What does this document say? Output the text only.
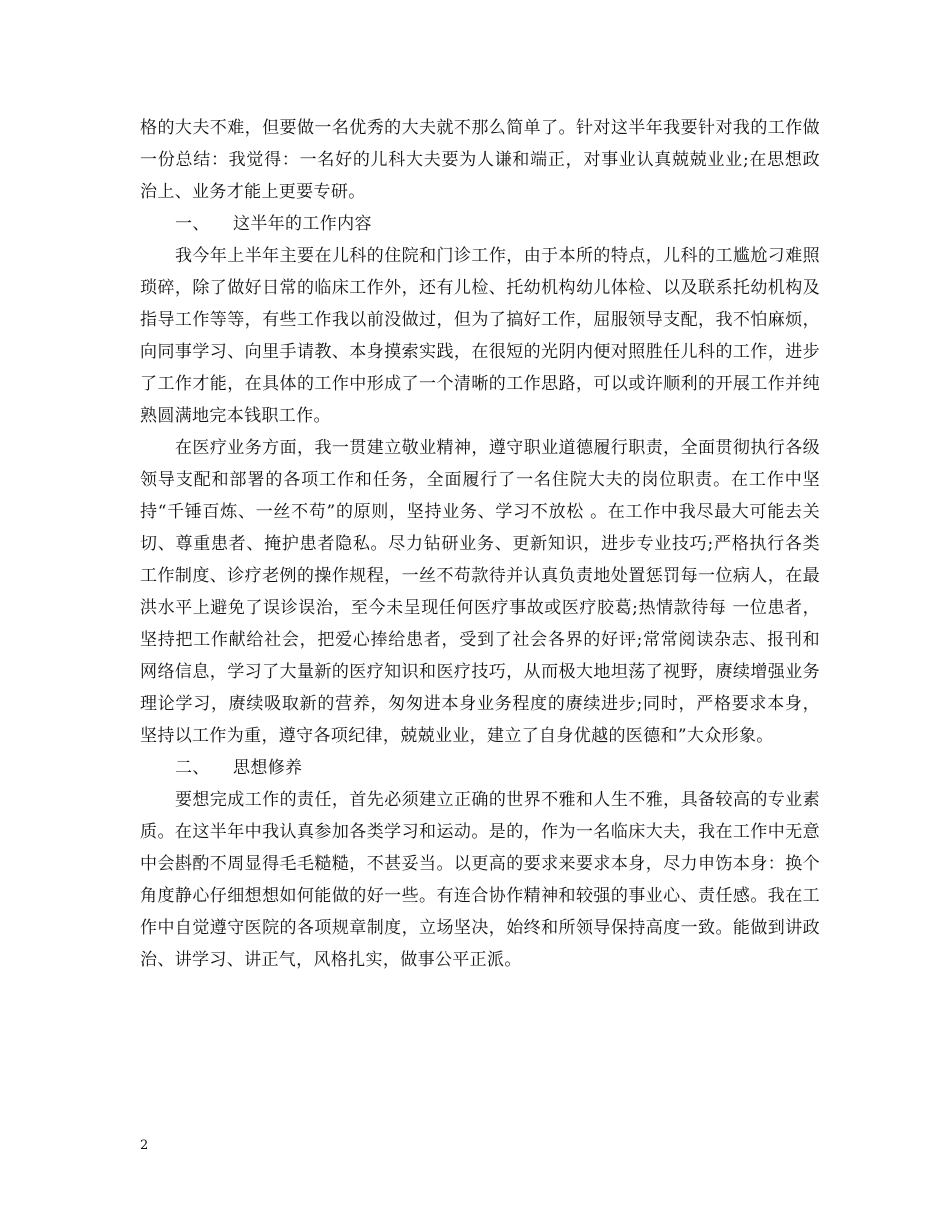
格的大夫不难，但要做一名优秀的大夫就不那么简单了。针对这半年我要针对我的工作做一份总结：我觉得：一名好的儿科大夫要为人谦和端正，对事业认真兢兢业业;在思想政治上、业务才能上更要专研。

一、 这半年的工作内容

我今年上半年主要在儿科的住院和门诊工作，由于本所的特点，儿科的工尴尬刁难照琐碎，除了做好日常的临床工作外，还有儿检、托幼机构幼儿体检、以及联系托幼机构及指导工作等等，有些工作我以前没做过，但为了搞好工作，屈服领导支配，我不怕麻烦，向同事学习、向里手请教、本身摸索实践，在很短的光阴内便对照胜任儿科的工作，进步了工作才能，在具体的工作中形成了一个清晰的工作思路，可以或许顺利的开展工作并纯熟圆满地完本钱职工作。

在医疗业务方面，我一贯建立敬业精神，遵守职业道德履行职责，全面贯彻执行各级领导支配和部署的各项工作和任务，全面履行了一名住院大夫的岗位职责。在工作中坚持“千锤百炼、一丝不苟”的原则，坚持业务、学习不放松 。在工作中我尽最大可能去关切、尊重患者、掩护患者隐私。尽力钻研业务、更新知识，进步专业技巧;严格执行各类工作制度、诊疗老例的操作规程，一丝不苟款待并认真负责地处置惩罚每一位病人，在最洪水平上避免了误诊误治，至今未呈现任何医疗事故或医疗胶葛;热情款待每 一位患者，坚持把工作献给社会，把爱心捧给患者，受到了社会各界的好评;常常阅读杂志、报刊和网络信息，学习了大量新的医疗知识和医疗技巧，从而极大地坦荡了视野，赓续增强业务理论学习，赓续吸取新的营养，匆匆进本身业务程度的赓续进步;同时，严格要求本身，坚持以工作为重，遵守各项纪律，兢兢业业，建立了自身优越的医德和”大众形象。

二、 思想修养

要想完成工作的责任，首先必须建立正确的世界不雅和人生不雅，具备较高的专业素质。在这半年中我认真参加各类学习和运动。是的，作为一名临床大夫，我在工作中无意中会斟酌不周显得毛毛糙糙，不甚妥当。以更高的要求来要求本身，尽力申饬本身：换个角度静心仔细想想如何能做的好一些。有连合协作精神和较强的事业心、责任感。我在工作中自觉遵守医院的各项规章制度，立场坚决，始终和所领导保持高度一致。能做到讲政治、讲学习、讲正气，风格扎实，做事公平正派。

2
